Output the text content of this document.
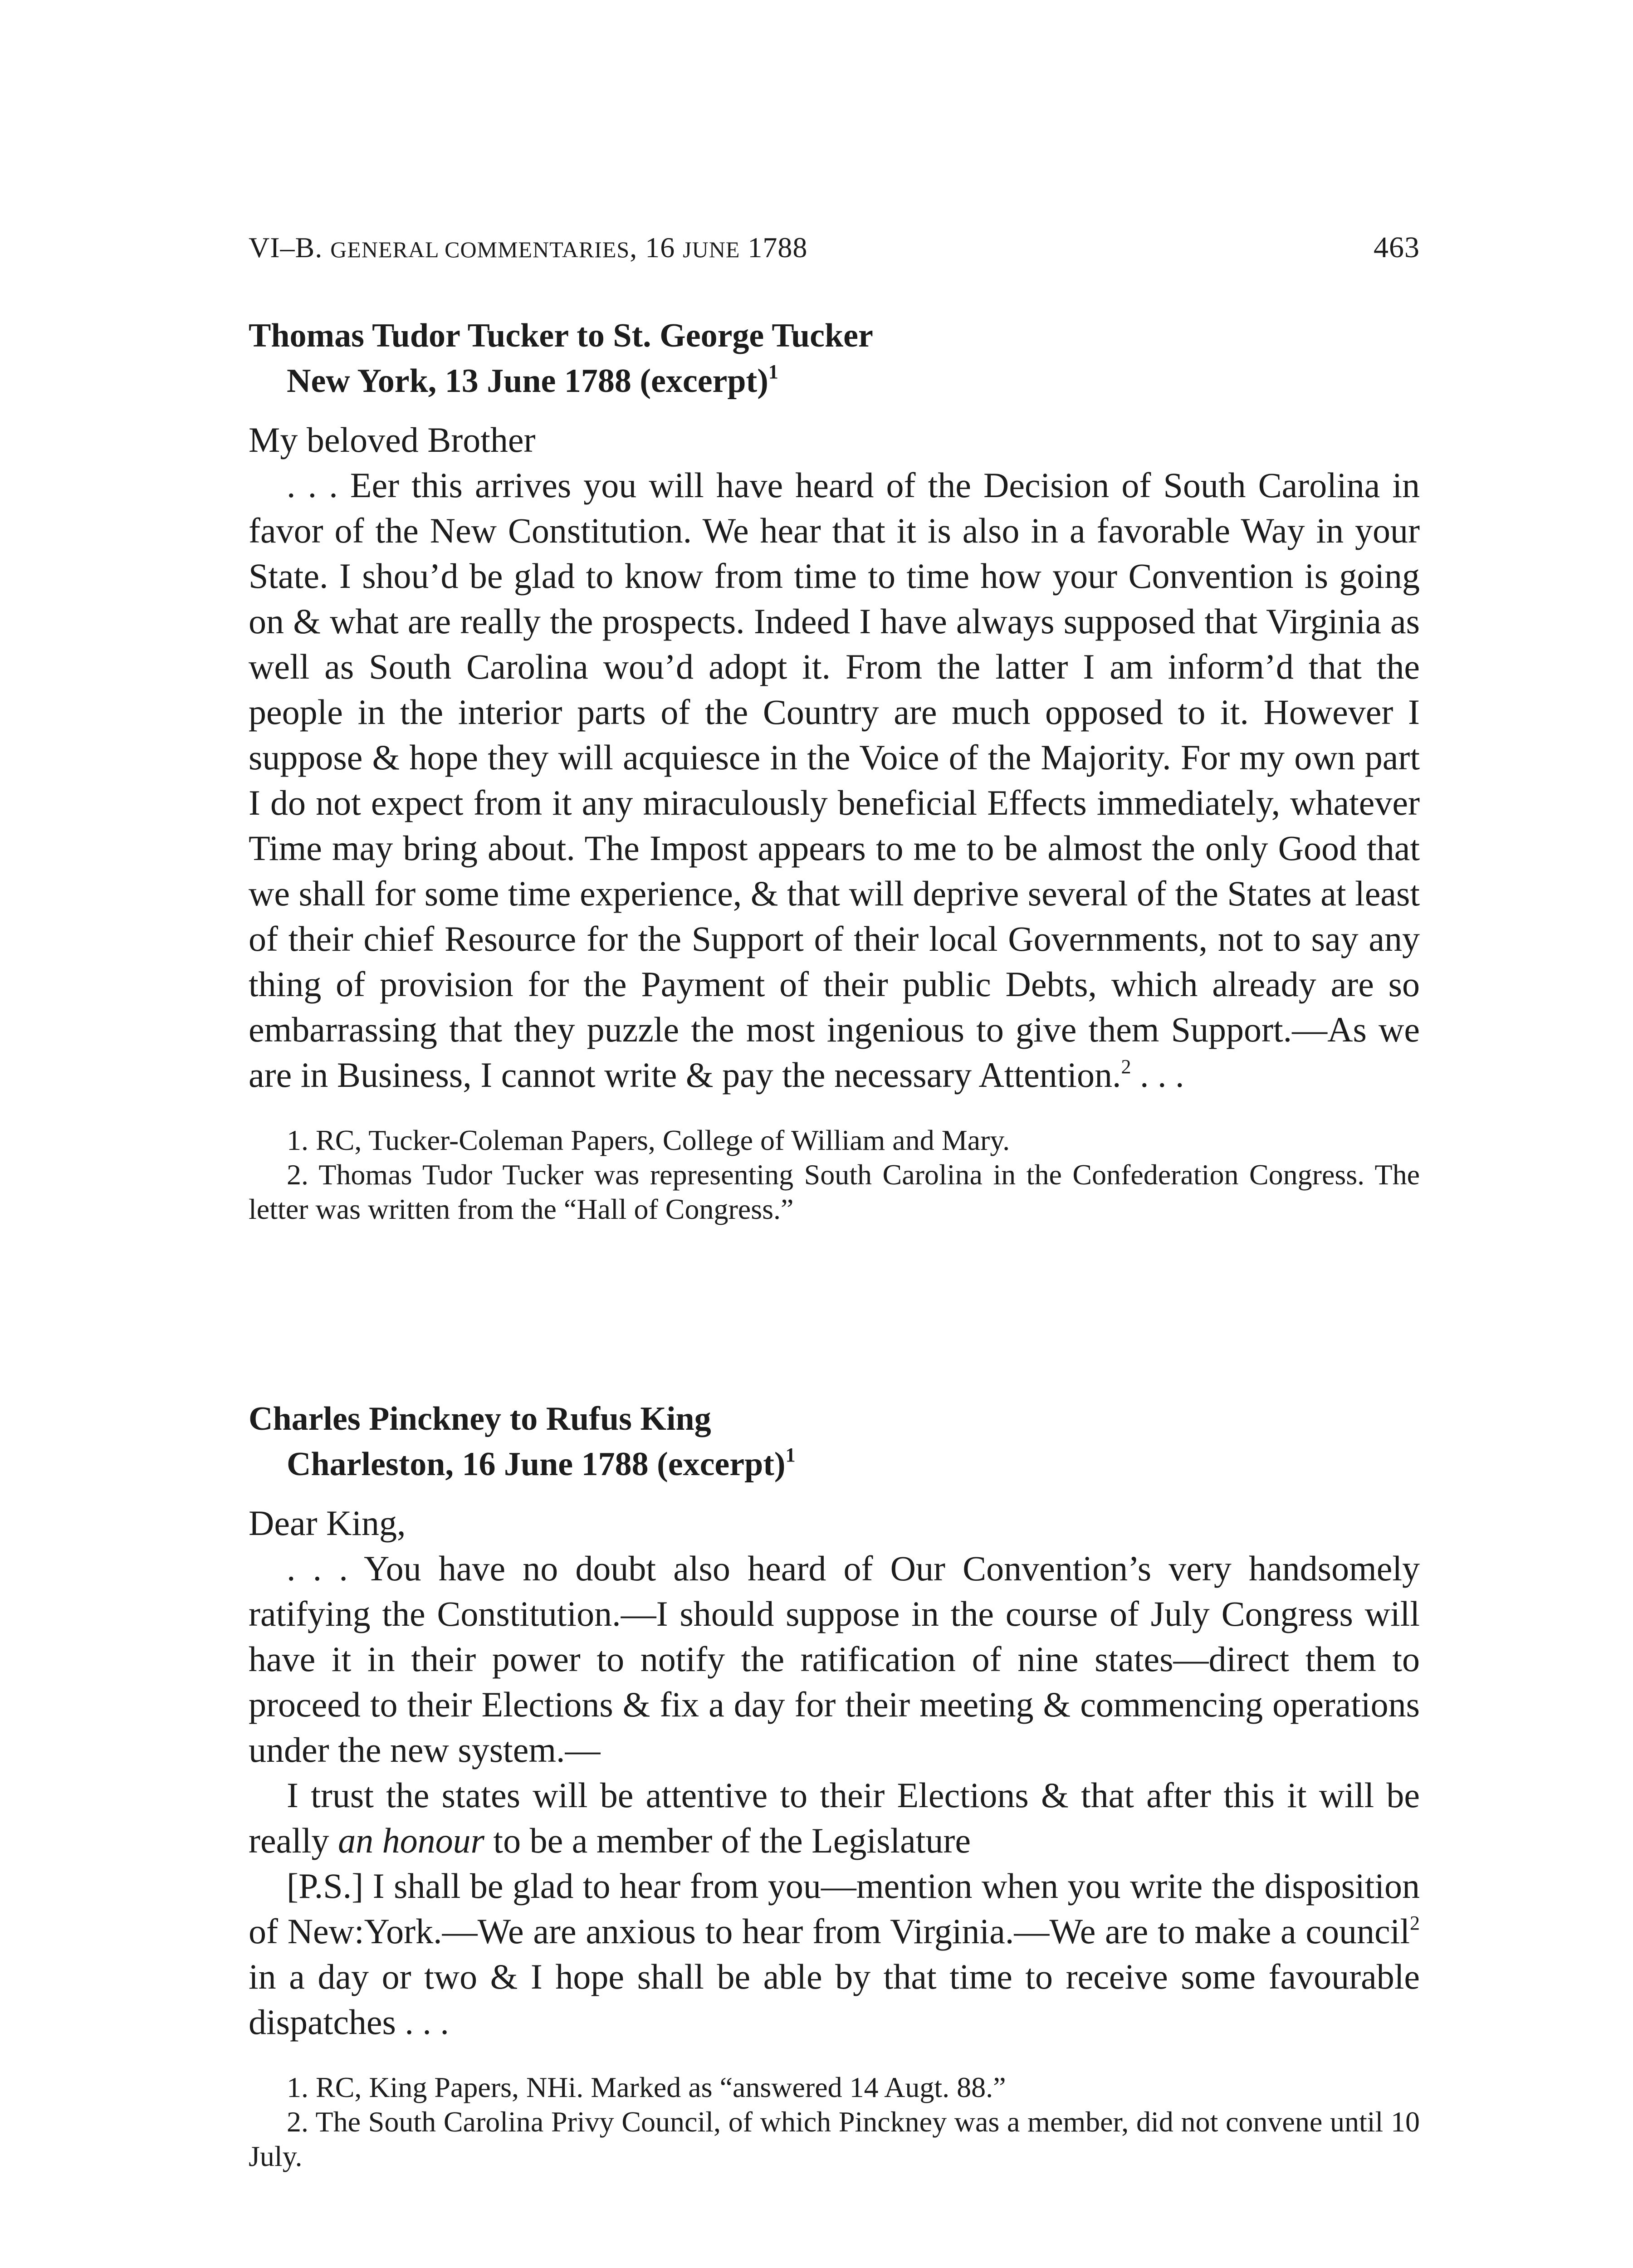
VI–B. GENERAL COMMENTARIES, 16 JUNE 1788	463
Thomas Tudor Tucker to St. George Tucker
New York, 13 June 1788 (excerpt)$^1$
My beloved Brother
. . . Eer this arrives you will have heard of the Decision of South Carolina in favor of the New Constitution. We hear that it is also in a favorable Way in your State. I shou’d be glad to know from time to time how your Convention is going on & what are really the prospects. Indeed I have always supposed that Virginia as well as South Carolina wou’d adopt it. From the latter I am inform’d that the people in the interior parts of the Country are much opposed to it. However I suppose & hope they will acquiesce in the Voice of the Majority. For my own part I do not expect from it any miraculously beneficial Effects immediately, whatever Time may bring about. The Impost appears to me to be almost the only Good that we shall for some time experience, & that will deprive several of the States at least of their chief Resource for the Support of their local Governments, not to say any thing of provision for the Payment of their public Debts, which already are so embarrassing that they puzzle the most ingenious to give them Support.—As we are in Business, I cannot write & pay the necessary Attention.$^2$ . . .
1. RC, Tucker-Coleman Papers, College of William and Mary.
2. Thomas Tudor Tucker was representing South Carolina in the Confederation Congress. The letter was written from the “Hall of Congress.”
Charles Pinckney to Rufus King
Charleston, 16 June 1788 (excerpt)$^1$
Dear King,
. . . You have no doubt also heard of Our Convention’s very handsomely ratifying the Constitution.—I should suppose in the course of July Congress will have it in their power to notify the ratification of nine states—direct them to proceed to their Elections & fix a day for their meeting & commencing operations under the new system.—
I trust the states will be attentive to their Elections & that after this it will be really an honour to be a member of the Legislature
[P.S.] I shall be glad to hear from you—mention when you write the disposition of New:York.—We are anxious to hear from Virginia.—We are to make a council$^2$ in a day or two & I hope shall be able by that time to receive some favourable dispatches . . .
1. RC, King Papers, NHi. Marked as “answered 14 Augt. 88.”
2. The South Carolina Privy Council, of which Pinckney was a member, did not convene until 10 July.
